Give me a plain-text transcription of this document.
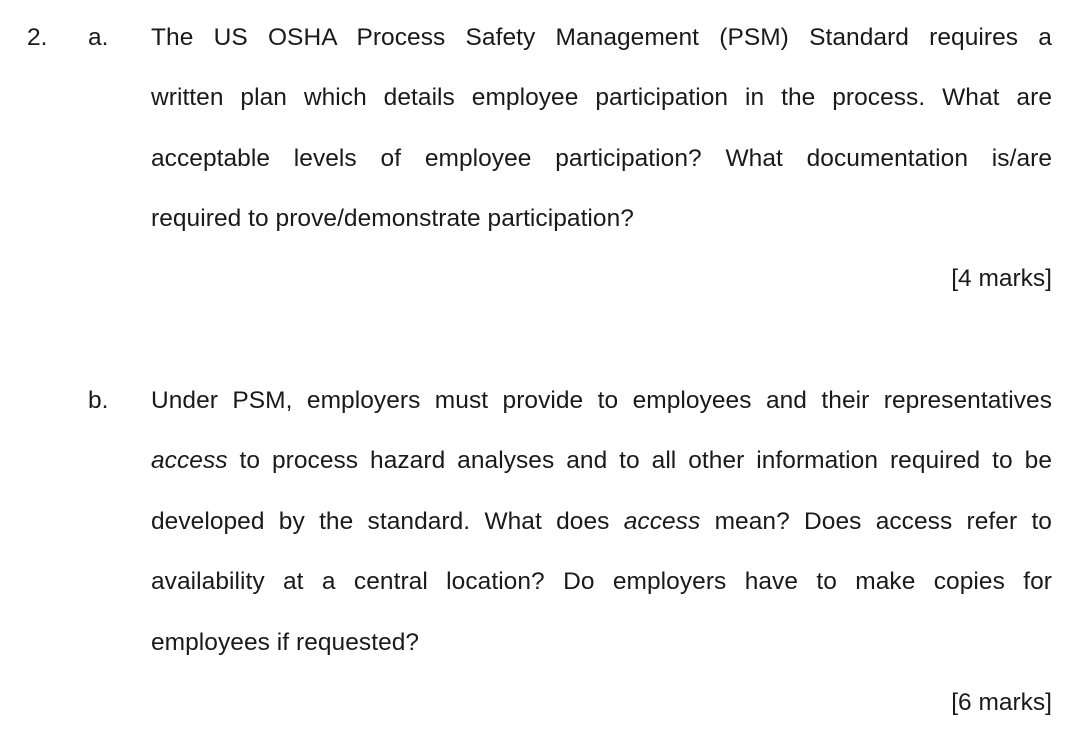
2. a. The US OSHA Process Safety Management (PSM) Standard requires a
written plan which details employee participation in the process. What are
acceptable levels of employee participation? What documentation is/are
required to prove/demonstrate participation?
[4 marks]
b. Under PSM, employers must provide to employees and their representatives
access to process hazard analyses and to all other information required to be
developed by the standard. What does access mean? Does access refer to
availability at a central location? Do employers have to make copies for
employees if requested?
[6 marks]
